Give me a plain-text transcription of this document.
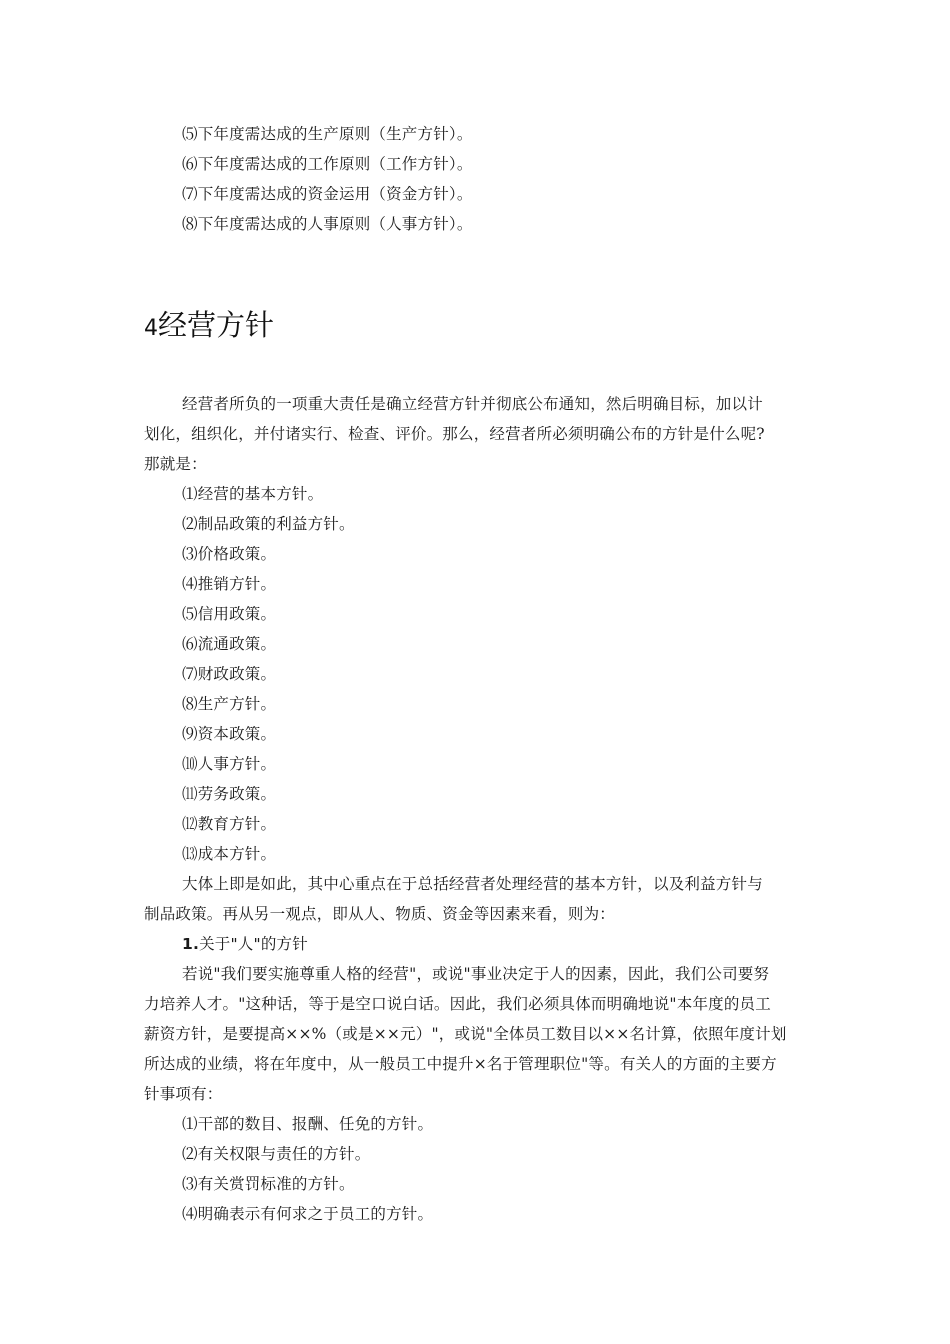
⑸下年度需达成的生产原则（生产方针）。
⑹下年度需达成的工作原则（工作方针）。
⑺下年度需达成的资金运用（资金方针）。
⑻下年度需达成的人事原则（人事方针）。
4经营方针
经营者所负的一项重大责任是确立经营方针并彻底公布通知，然后明确目标，加以计
划化，组织化，并付诸实行、检查、评价。那么，经营者所必须明确公布的方针是什么呢?
那就是：
⑴经营的基本方针。
⑵制品政策的利益方针。
⑶价格政策。
⑷推销方针。
⑸信用政策。
⑹流通政策。
⑺财政政策。
⑻生产方针。
⑼资本政策。
⑽人事方针。
⑾劳务政策。
⑿教育方针。
⒀成本方针。
大体上即是如此，其中心重点在于总括经营者处理经营的基本方针，以及利益方针与
制品政策。再从另一观点，即从人、物质、资金等因素来看，则为：
1.关于"人"的方针
若说"我们要实施尊重人格的经营"，或说"事业决定于人的因素，因此，我们公司要努
力培养人才。"这种话，等于是空口说白话。因此，我们必须具体而明确地说"本年度的员工
薪资方针，是要提高××%（或是××元）"，或说"全体员工数目以××名计算，依照年度计划
所达成的业绩，将在年度中，从一般员工中提升×名于管理职位"等。有关人的方面的主要方
针事项有：
⑴干部的数目、报酬、任免的方针。
⑵有关权限与责任的方针。
⑶有关赏罚标准的方针。
⑷明确表示有何求之于员工的方针。
